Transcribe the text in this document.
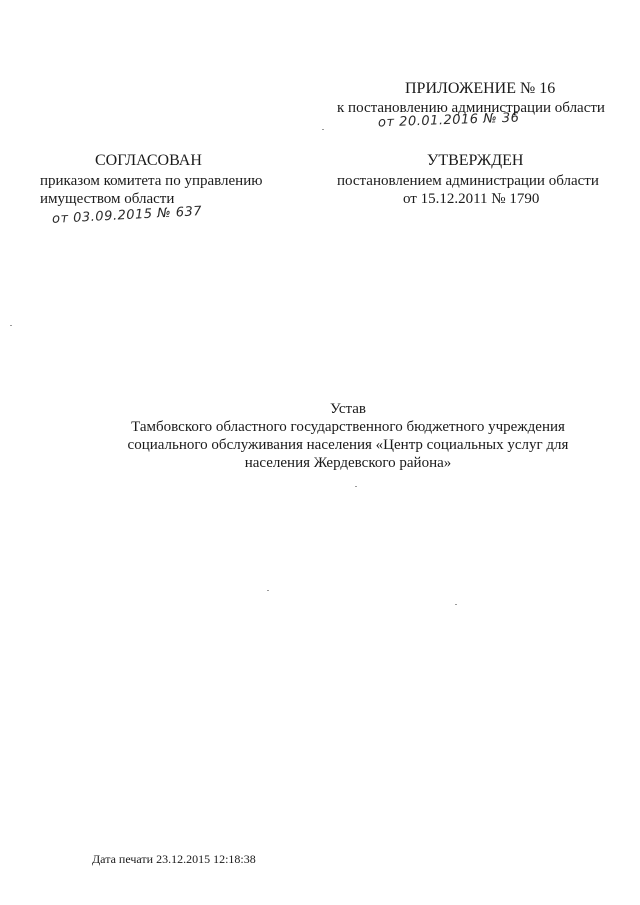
ПРИЛОЖЕНИЕ № 16
к постановлению администрации области
от 20.01.2016 № 36
СОГЛАСОВАН
приказом комитета по управлению
имуществом области
от 03.09.2015 № 637
УТВЕРЖДЕН
постановлением администрации области
от 15.12.2011 № 1790
Устав
Тамбовского областного государственного бюджетного учреждения
социального обслуживания населения «Центр социальных услуг для
населения Жердевского района»
Дата печати 23.12.2015 12:18:38
